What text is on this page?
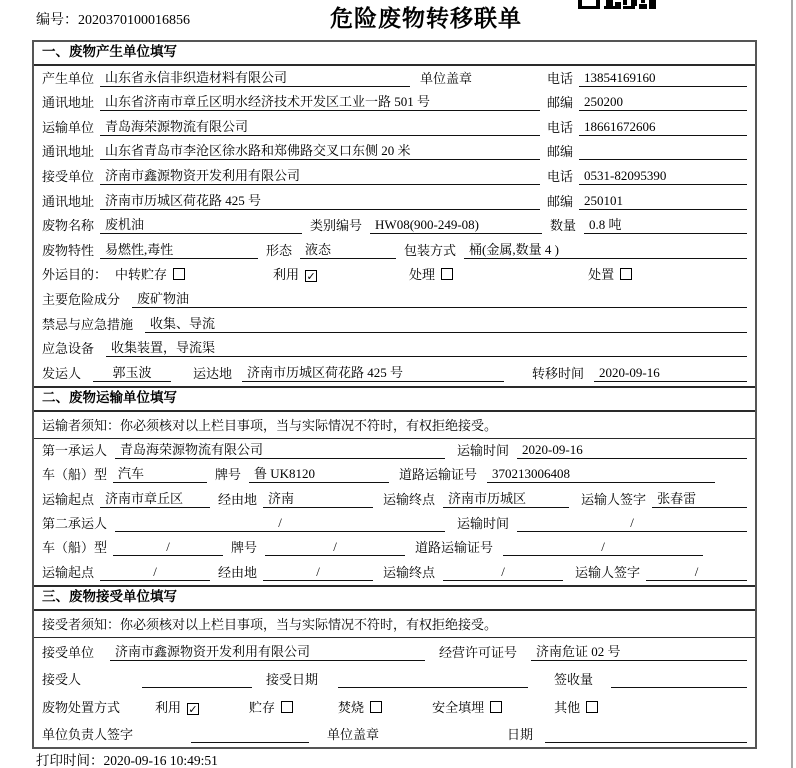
编号：2020370100016856	危险废物转移联单
一、废物产生单位填写
产生单位 山东省永信非织造材料有限公司	单位盖章	电话 13854169160
通讯地址 山东省济南市章丘区明水经济技术开发区工业一路 501 号	邮编 250200
运输单位 青岛海荣源物流有限公司	电话 18661672606
通讯地址 山东省青岛市李沧区徐水路和郑佛路交叉口东侧 20 米	邮编
接受单位 济南市鑫源物资开发利用有限公司	电话 0531-82095390
通讯地址 济南市历城区荷花路 425 号	邮编 250101
废物名称 废机油	类别编号	HW08(900-249-08)	数量	0.8 吨
废物特性 易燃性,毒性	形态	液态	包装方式	桶(金属,数量 4 )
外运目的： 中转贮存	利用 ✓	处理	处置
主要危险成分	废矿物油
禁忌与应急措施	收集、导流
应急设备	收集装置，导流渠
发运人	郭玉波	运达地	济南市历城区荷花路 425 号	转移时间	2020-09-16
二、废物运输单位填写
运输者须知：你必须核对以上栏目事项，当与实际情况不符时，有权拒绝接受。
第一承运人	青岛海荣源物流有限公司	运输时间	2020-09-16
车（船）型 汽车	牌号	鲁 UK8120	道路运输证号	370213006408
运输起点 济南市章丘区	经由地 济南	运输终点	济南市历城区	运输人签字 张春雷
第二承运人	/	运输时间	/
车（船）型	/	牌号	/	道路运输证号	/
运输起点	/	经由地	/	运输终点	/	运输人签字	/
三、废物接受单位填写
接受者须知：你必须核对以上栏目事项，当与实际情况不符时，有权拒绝接受。
接受单位	济南市鑫源物资开发利用有限公司	经营许可证号	济南危证 02 号
接受人	接受日期	签收量
废物处置方式	利用 ✓	贮存	焚烧	安全填埋	其他
单位负责人签字	单位盖章	日期
打印时间：2020-09-16 10:49:51
